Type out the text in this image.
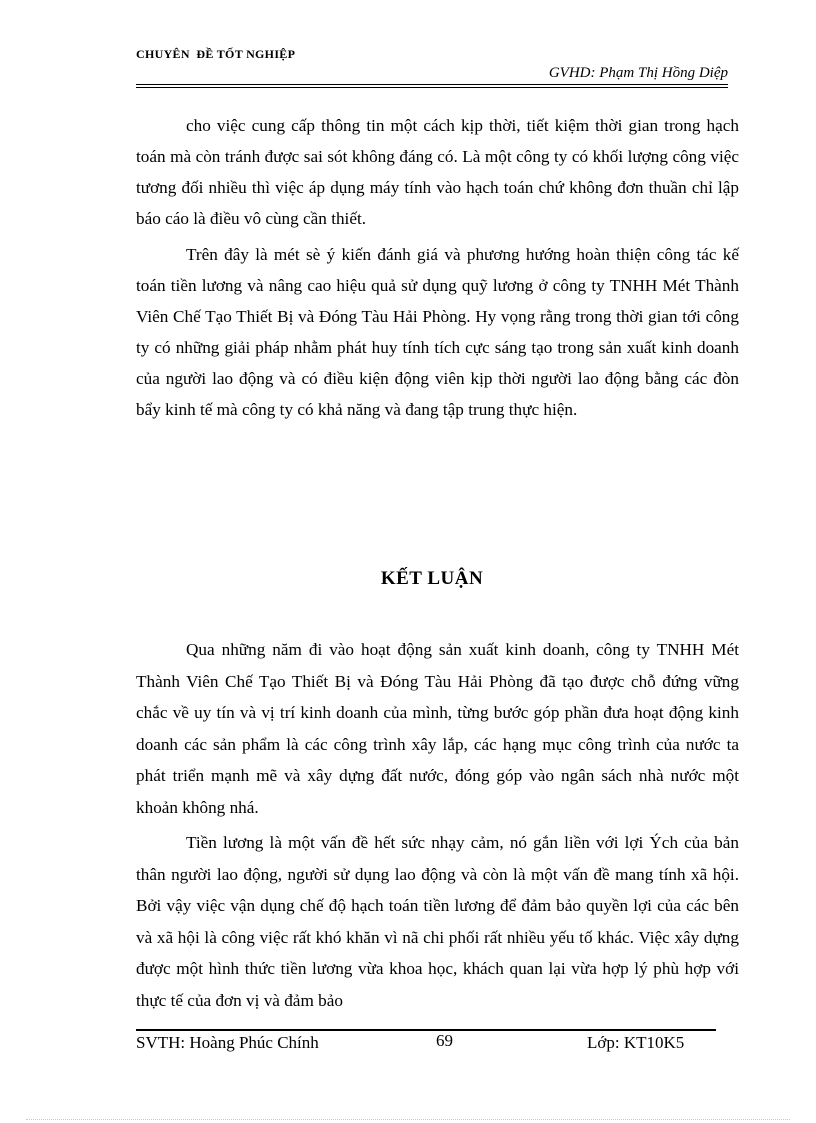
CHUYÊN  ĐỀ TỐT NGHIỆP
GVHD: Phạm Thị Hồng Diệp

cho việc cung cấp thông tin một cách kịp thời, tiết kiệm thời gian trong hạch toán mà còn tránh được sai sót không đáng có. Là một công ty có khối lượng công việc tương đối nhiều thì việc áp dụng máy tính vào hạch toán chứ không đơn thuần chỉ lập báo cáo là điều vô cùng cần thiết.

Trên đây là mét sè ý kiến đánh giá và phương hướng hoàn thiện công tác kế toán tiền lương và nâng cao hiệu quả sử dụng quỹ lương ở công ty TNHH Mét Thành Viên Chế Tạo Thiết Bị và Đóng Tàu Hải Phòng. Hy vọng rằng trong thời gian tới công ty có những giải pháp nhằm phát huy tính tích cực sáng tạo trong sản xuất kinh doanh của người lao động và có điều kiện động viên kịp thời người lao động bằng các đòn bẩy kinh tế mà công ty có khả năng và đang tập trung thực hiện.

KẾT LUẬN

Qua những năm đi vào hoạt động sản xuất kinh doanh, công ty TNHH Mét Thành Viên Chế Tạo Thiết Bị và Đóng Tàu Hải Phòng đã tạo được chỗ đứng vững chắc về uy tín và vị trí kinh doanh của mình, từng bước góp phần đưa hoạt động kinh doanh các sản phẩm là các công trình xây lắp, các hạng mục công trình của nước ta phát triển mạnh mẽ và xây dựng đất nước, đóng góp vào ngân sách nhà nước một khoản không nhá.

Tiền lương là một vấn đề hết sức nhạy cảm, nó gắn liền với lợi Ých của bản thân người lao động, người sử dụng lao động và còn là một vấn đề mang tính xã hội. Bởi vậy việc vận dụng chế độ hạch toán tiền lương để đảm bảo quyền lợi của các bên và xã hội là công việc rất khó khăn vì nã chi phối rất nhiều yếu tố khác. Việc xây dựng được một hình thức tiền lương vừa khoa học, khách quan lại vừa hợp lý phù hợp với thực tế của đơn vị và đảm bảo

SVTH: Hoàng Phúc Chính	69	Lớp: KT10K5
